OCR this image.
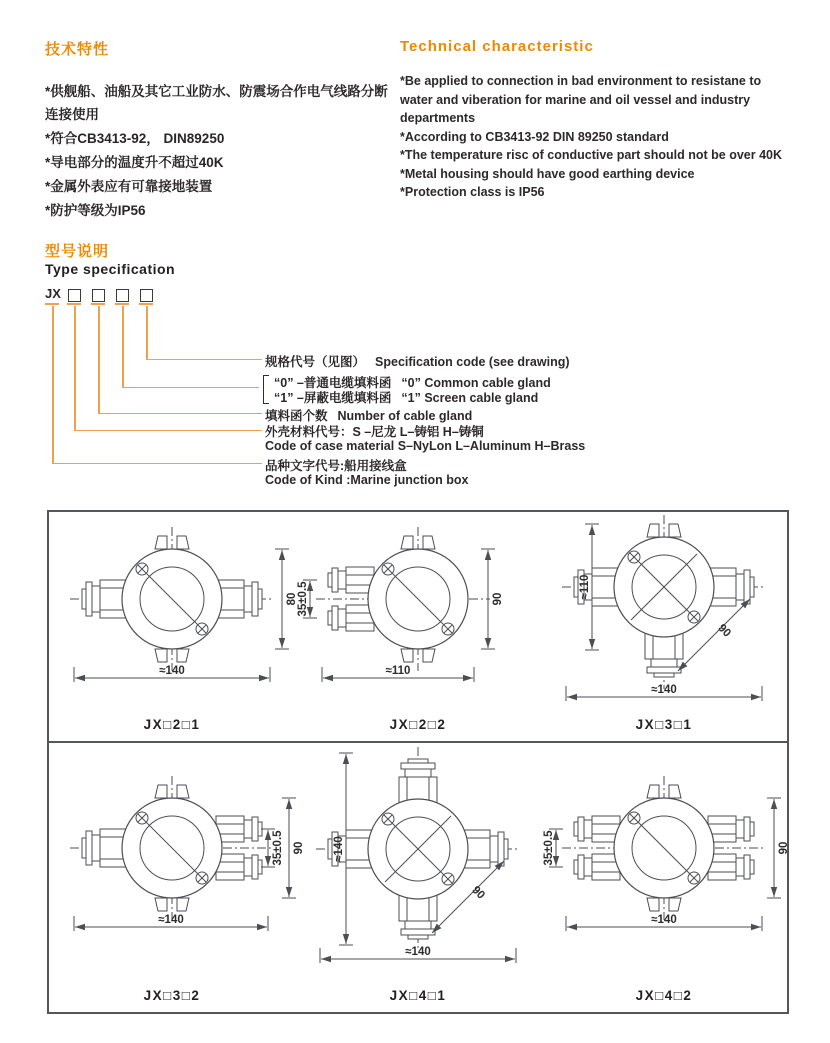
技术特性
*供舰船、油船及其它工业防水、防震场合作电气线路分断连接使用
*符合CB3413-92， DIN89250
*导电部分的温度升不超过40K
*金属外表应有可靠接地装置
*防护等级为IP56
Technical characteristic
*Be applied to connection in bad environment to resistane to water and viberation for marine and oil vessel and industry departments
*According to CB3413-92 DIN 89250 standard
*The temperature risc of conductive part should not be over 40K
*Metal housing should have good earthing device
*Protection class is IP56
型号说明
Type specification
JX
规格代号（见图） Specification code (see drawing)
“0” –普通电缆填料函 “0” Common cable gland
“1” –屏蔽电缆填料函 “1” Screen cable gland
填料函个数 Number of cable gland
外壳材料代号：S –尼龙 L–铸铝 H–铸铜
Code of case material S–NyLon L–Aluminum H–Brass
品种文字代号:船用接线盒
Code of Kind :Marine junction box
80
≈140
JX□2□1
35±0.5	90
≈110
JX□2□2
≈110
90
≈140
JX□3□1
35±0.5 90
≈140
JX□3□2
≈140
90
≈140
JX□4□1
35±0.5	90
≈140
JX□4□2
